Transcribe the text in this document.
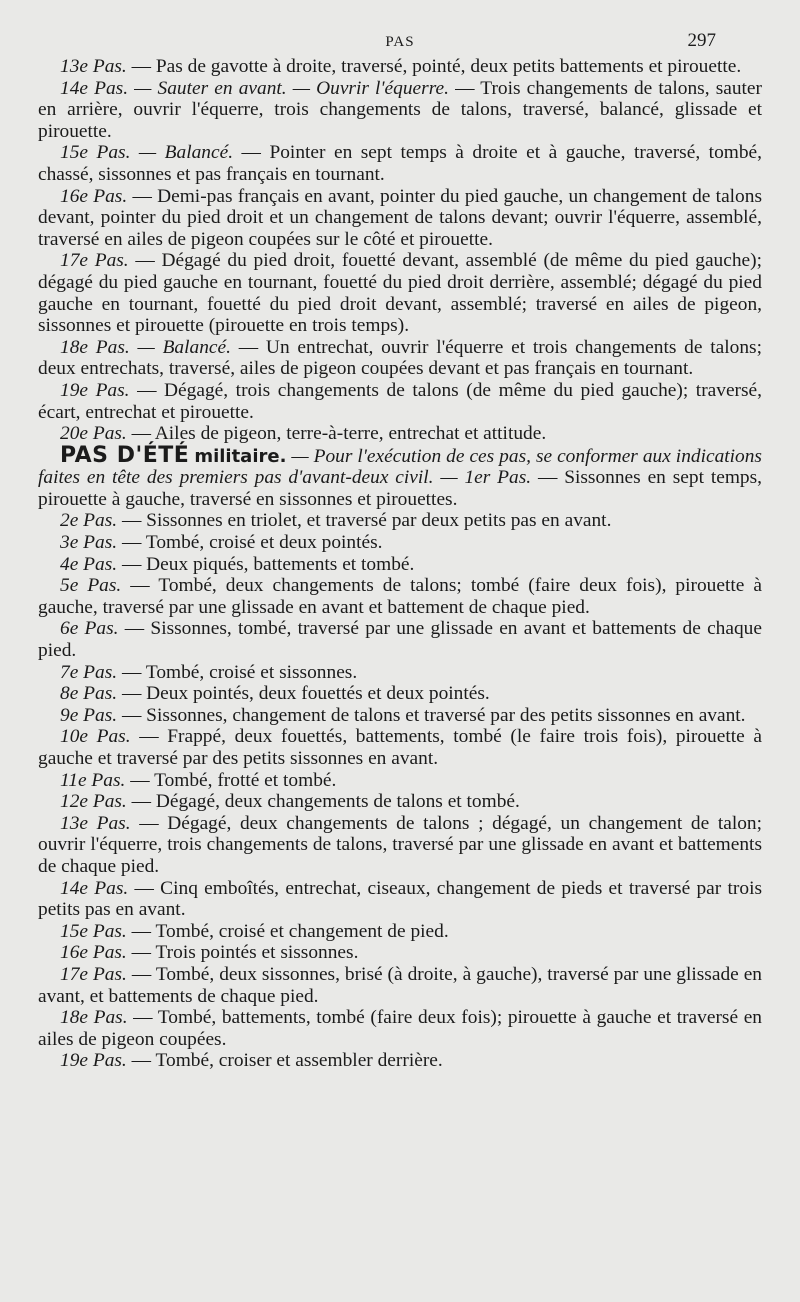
PAS	297

13e Pas. — Pas de gavotte à droite, traversé, pointé, deux petits battements et pirouette.

14e Pas. — Sauter en avant. — Ouvrir l'équerre. — Trois changements de talons, sauter en arrière, ouvrir l'équerre, trois changements de talons, traversé, balancé, glissade et pirouette.

15e Pas. — Balancé. — Pointer en sept temps à droite et à gauche, traversé, tombé, chassé, sissonnes et pas français en tournant.

16e Pas. — Demi-pas français en avant, pointer du pied gauche, un changement de talons devant, pointer du pied droit et un changement de talons devant; ouvrir l'équerre, assemblé, traversé en ailes de pigeon coupées sur le côté et pirouette.

17e Pas. — Dégagé du pied droit, fouetté devant, assemblé (de même du pied gauche); dégagé du pied gauche en tournant, fouetté du pied droit derrière, assemblé; dégagé du pied gauche en tournant, fouetté du pied droit devant, assemblé; traversé en ailes de pigeon, sissonnes et pirouette (pirouette en trois temps).

18e Pas. — Balancé. — Un entrechat, ouvrir l'équerre et trois changements de talons; deux entrechats, traversé, ailes de pigeon coupées devant et pas français en tournant.

19e Pas. — Dégagé, trois changements de talons (de même du pied gauche); traversé, écart, entrechat et pirouette.

20e Pas. — Ailes de pigeon, terre-à-terre, entrechat et attitude.

PAS D'ÉTÉ militaire. — Pour l'exécution de ces pas, se conformer aux indications faites en tête des premiers pas d'avant-deux civil. — 1er Pas. — Sissonnes en sept temps, pirouette à gauche, traversé en sissonnes et pirouettes.

2e Pas. — Sissonnes en triolet, et traversé par deux petits pas en avant.

3e Pas. — Tombé, croisé et deux pointés.

4e Pas. — Deux piqués, battements et tombé.

5e Pas. — Tombé, deux changements de talons; tombé (faire deux fois), pirouette à gauche, traversé par une glissade en avant et battement de chaque pied.

6e Pas. — Sissonnes, tombé, traversé par une glissade en avant et battements de chaque pied.

7e Pas. — Tombé, croisé et sissonnes.

8e Pas. — Deux pointés, deux fouettés et deux pointés.

9e Pas. — Sissonnes, changement de talons et traversé par des petits sissonnes en avant.

10e Pas. — Frappé, deux fouettés, battements, tombé (le faire trois fois), pirouette à gauche et traversé par des petits sissonnes en avant.

11e Pas. — Tombé, frotté et tombé.

12e Pas. — Dégagé, deux changements de talons et tombé.

13e Pas. — Dégagé, deux changements de talons ; dégagé, un changement de talon; ouvrir l'équerre, trois changements de talons, traversé par une glissade en avant et battements de chaque pied.

14e Pas. — Cinq emboîtés, entrechat, ciseaux, changement de pieds et traversé par trois petits pas en avant.

15e Pas. — Tombé, croisé et changement de pied.

16e Pas. — Trois pointés et sissonnes.

17e Pas. — Tombé, deux sissonnes, brisé (à droite, à gauche), traversé par une glissade en avant, et battements de chaque pied.

18e Pas. — Tombé, battements, tombé (faire deux fois); pirouette à gauche et traversé en ailes de pigeon coupées.

19e Pas. — Tombé, croiser et assembler derrière.
